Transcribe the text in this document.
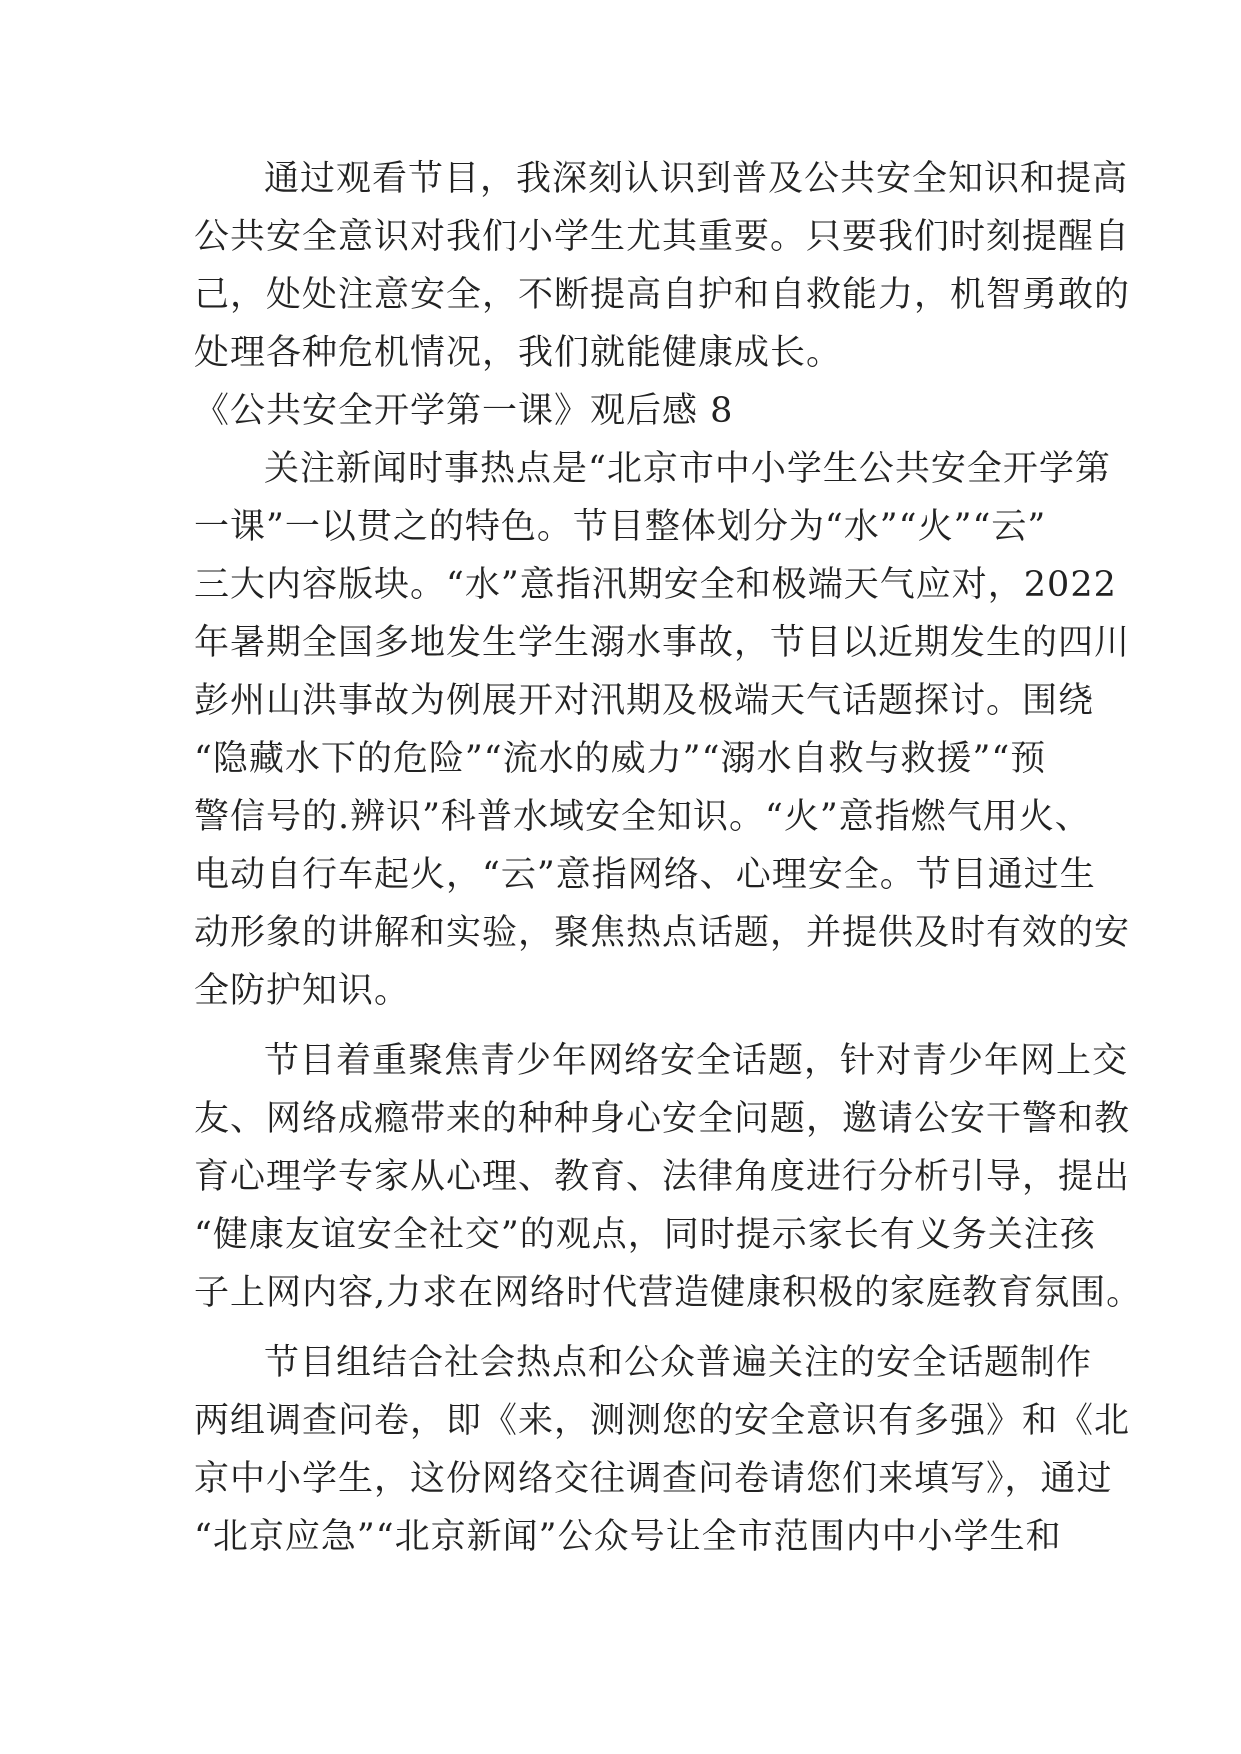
通过观看节目，我深刻认识到普及公共安全知识和提高
公共安全意识对我们小学生尤其重要。只要我们时刻提醒自
己，处处注意安全，不断提高自护和自救能力，机智勇敢的
处理各种危机情况，我们就能健康成长。
《公共安全开学第一课》观后感 8
关注新闻时事热点是“北京市中小学生公共安全开学第
一课”一以贯之的特色。节目整体划分为“水”“火”“云”
三大内容版块。“水”意指汛期安全和极端天气应对，2022
年暑期全国多地发生学生溺水事故，节目以近期发生的四川
彭州山洪事故为例展开对汛期及极端天气话题探讨。围绕
“隐藏水下的危险”“流水的威力”“溺水自救与救援”“预
警信号的.辨识”科普水域安全知识。“火”意指燃气用火、
电动自行车起火，“云”意指网络、心理安全。节目通过生
动形象的讲解和实验，聚焦热点话题，并提供及时有效的安
全防护知识。
节目着重聚焦青少年网络安全话题，针对青少年网上交
友、网络成瘾带来的种种身心安全问题，邀请公安干警和教
育心理学专家从心理、教育、法律角度进行分析引导，提出
“健康友谊安全社交”的观点，同时提示家长有义务关注孩
子上网内容,力求在网络时代营造健康积极的家庭教育氛围。
节目组结合社会热点和公众普遍关注的安全话题制作
两组调查问卷，即《来，测测您的安全意识有多强》和《北
京中小学生，这份网络交往调查问卷请您们来填写》，通过
“北京应急”“北京新闻”公众号让全市范围内中小学生和
